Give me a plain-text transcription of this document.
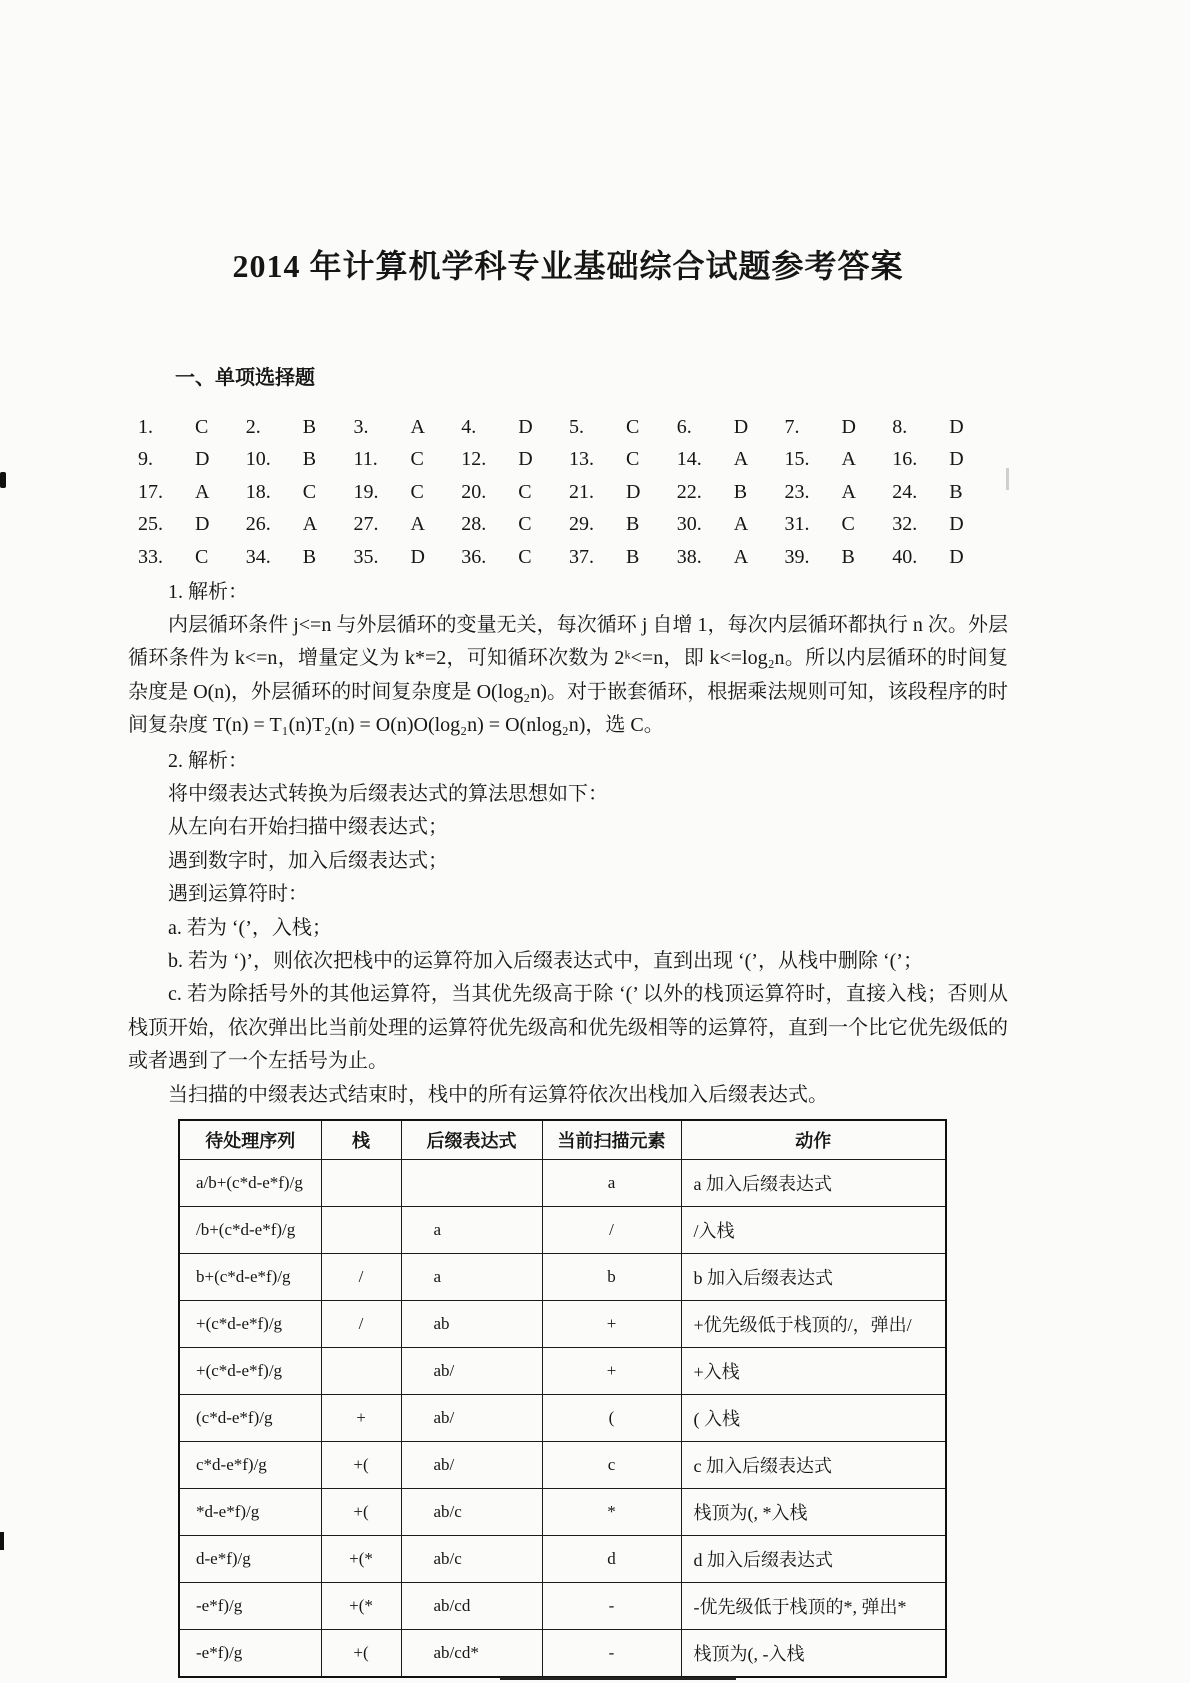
2014 年计算机学科专业基础综合试题参考答案
一、单项选择题
1. C	2. B	3. A	4. D	5. C	6. D	7. D	8. D
9. D	10. B	11. C	12. D	13. C	14. A	15. A	16. D
17. A	18. C	19. C	20. C	21. D	22. B	23. A	24. B
25. D	26. A	27. A	28. C	29. B	30. A	31. C	32. D
33. C	34. B	35. D	36. C	37. B	38. A	39. B	40. D

1. 解析：

内层循环条件 j<=n 与外层循环的变量无关，每次循环 j 自增 1，每次内层循环都执行 n 次。外层循环条件为 k<=n，增量定义为 k*=2，可知循环次数为 2ᵏ<=n，即 k<=log₂n。所以内层循环的时间复杂度是 O(n)，外层循环的时间复杂度是 O(log₂n)。对于嵌套循环，根据乘法规则可知，该段程序的时间复杂度 T(n) = T₁(n)T₂(n) = O(n)O(log₂n) = O(nlog₂n)，选 C。

2. 解析：

将中缀表达式转换为后缀表达式的算法思想如下：

从左向右开始扫描中缀表达式；

遇到数字时，加入后缀表达式；

遇到运算符时：

a. 若为 ‘(’，入栈；

b. 若为 ‘)’，则依次把栈中的运算符加入后缀表达式中，直到出现 ‘(’，从栈中删除 ‘(’；

c. 若为除括号外的其他运算符，当其优先级高于除 ‘(’ 以外的栈顶运算符时，直接入栈；否则从栈顶开始，依次弹出比当前处理的运算符优先级高和优先级相等的运算符，直到一个比它优先级低的或者遇到了一个左括号为止。

当扫描的中缀表达式结束时，栈中的所有运算符依次出栈加入后缀表达式。

待处理序列	栈	后缀表达式	当前扫描元素	动作
a/b+(c*d-e*f)/g			a	a 加入后缀表达式
/b+(c*d-e*f)/g		a	/	/入栈
b+(c*d-e*f)/g	/	a	b	b 加入后缀表达式
+(c*d-e*f)/g	/	ab	+	+优先级低于栈顶的/，弹出/
+(c*d-e*f)/g		ab/	+	+入栈
(c*d-e*f)/g	+	ab/	(	( 入栈
c*d-e*f)/g	+(	ab/	c	c 加入后缀表达式
*d-e*f)/g	+(	ab/c	*	栈顶为(, *入栈
d-e*f)/g	+(*	ab/c	d	d 加入后缀表达式
-e*f)/g	+(*	ab/cd	-	-优先级低于栈顶的*, 弹出*
-e*f)/g	+(	ab/cd*	-	栈顶为(, -入栈
